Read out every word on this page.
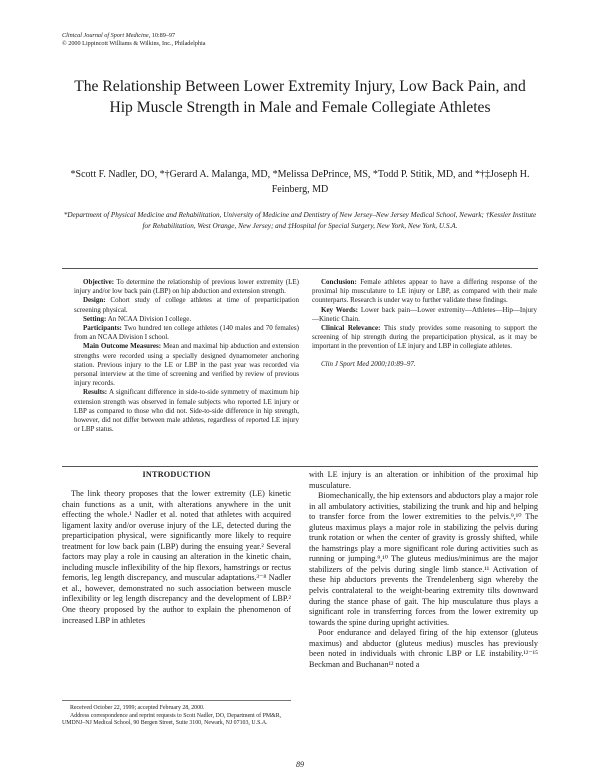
Clinical Journal of Sport Medicine, 10:89–97
© 2000 Lippincott Williams & Wilkins, Inc., Philadelphia
The Relationship Between Lower Extremity Injury, Low Back Pain, and Hip Muscle Strength in Male and Female Collegiate Athletes
*Scott F. Nadler, DO, *†Gerard A. Malanga, MD, *Melissa DePrince, MS, *Todd P. Stitik, MD, and *†‡Joseph H. Feinberg, MD
*Department of Physical Medicine and Rehabilitation, University of Medicine and Dentistry of New Jersey–New Jersey Medical School, Newark; †Kessler Institute for Rehabilitation, West Orange, New Jersey; and ‡Hospital for Special Surgery, New York, New York, U.S.A.

Objective: To determine the relationship of previous lower extremity (LE) injury and/or low back pain (LBP) on hip abduction and extension strength.

Design: Cohort study of college athletes at time of preparticipation screening physical.

Setting: An NCAA Division I college.

Participants: Two hundred ten college athletes (140 males and 70 females) from an NCAA Division I school.

Main Outcome Measures: Mean and maximal hip abduction and extension strengths were recorded using a specially designed dynamometer anchoring station. Previous injury to the LE or LBP in the past year was recorded via personal interview at the time of screening and verified by review of previous injury records.

Results: A significant difference in side-to-side symmetry of maximum hip extension strength was observed in female subjects who reported LE injury or LBP as compared to those who did not. Side-to-side difference in hip strength, however, did not differ between male athletes, regardless of reported LE injury or LBP status.

Conclusion: Female athletes appear to have a differing response of the proximal hip musculature to LE injury or LBP, as compared with their male counterparts. Research is under way to further validate these findings.

Key Words: Lower back pain—Lower extremity—Athletes—Hip—Injury—Kinetic Chain.

Clinical Relevance: This study provides some reasoning to support the screening of hip strength during the preparticipation physical, as it may be important in the prevention of LE injury and LBP in collegiate athletes.

Clin J Sport Med 2000;10:89–97.

INTRODUCTION

The link theory proposes that the lower extremity (LE) kinetic chain functions as a unit, with alterations anywhere in the unit effecting the whole.¹ Nadler et al. noted that athletes with acquired ligament laxity and/or overuse injury of the LE, detected during the preparticipation physical, were significantly more likely to require treatment for low back pain (LBP) during the ensuing year.² Several factors may play a role in causing an alteration in the kinetic chain, including muscle inflexibility of the hip flexors, hamstrings or rectus femoris, leg length discrepancy, and muscular adaptations.³⁻⁸ Nadler et al., however, demonstrated no such association between muscle inflexibility or leg length discrepancy and the development of LBP.² One theory proposed by the author to explain the phenomenon of increased LBP in athletes

with LE injury is an alteration or inhibition of the proximal hip musculature.

Biomechanically, the hip extensors and abductors play a major role in all ambulatory activities, stabilizing the trunk and hip and helping to transfer force from the lower extremities to the pelvis.⁹,¹⁰ The gluteus maximus plays a major role in stabilizing the pelvis during trunk rotation or when the center of gravity is grossly shifted, while the hamstrings play a more significant role during activities such as running or jumping.⁹,¹⁰ The gluteus medius/minimus are the major stabilizers of the pelvis during single limb stance.¹¹ Activation of these hip abductors prevents the Trendelenberg sign whereby the pelvis contralateral to the weight-bearing extremity tilts downward during the stance phase of gait. The hip musculature thus plays a significant role in transferring forces from the lower extremity up towards the spine during upright activities.

Poor endurance and delayed firing of the hip extensor (gluteus maximus) and abductor (gluteus medius) muscles has previously been noted in individuals with chronic LBP or LE instability.¹²⁻¹⁵ Beckman and Buchanan¹² noted a

Received October 22, 1999; accepted February 28, 2000.

Address correspondence and reprint requests to Scott Nadler, DO, Department of PM&R, UMDNJ–NJ Medical School, 90 Bergen Street, Suite 3100, Newark, NJ 07103, U.S.A.

89
